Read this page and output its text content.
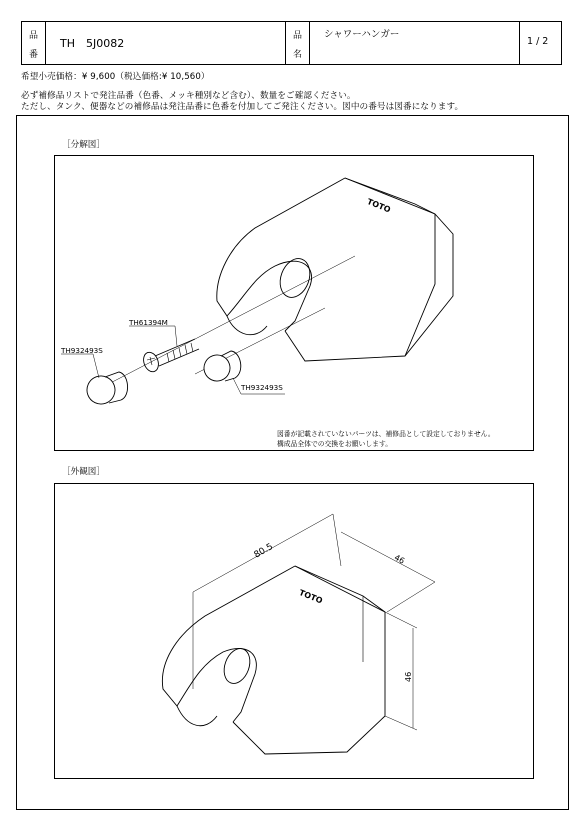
品
番
TH　5J0082
品
名
シャワーハンガー
1 / 2
希望小売価格：¥ 9,600（税込価格:¥ 10,560）
必ず補修品リストで発注品番（色番、メッキ種別など含む）、数量をご確認ください。
ただし、タンク、便器などの補修品は発注品番に色番を付加してご発注ください。図中の番号は図番になります。
［分解図］
TOTO
TH61394M
TH932493S
TH932493S
図番が記載されていないパーツは、補修品として設定しておりません。
構成品全体での交換をお願いします。
［外観図］
TOTO
80.5	46
46
